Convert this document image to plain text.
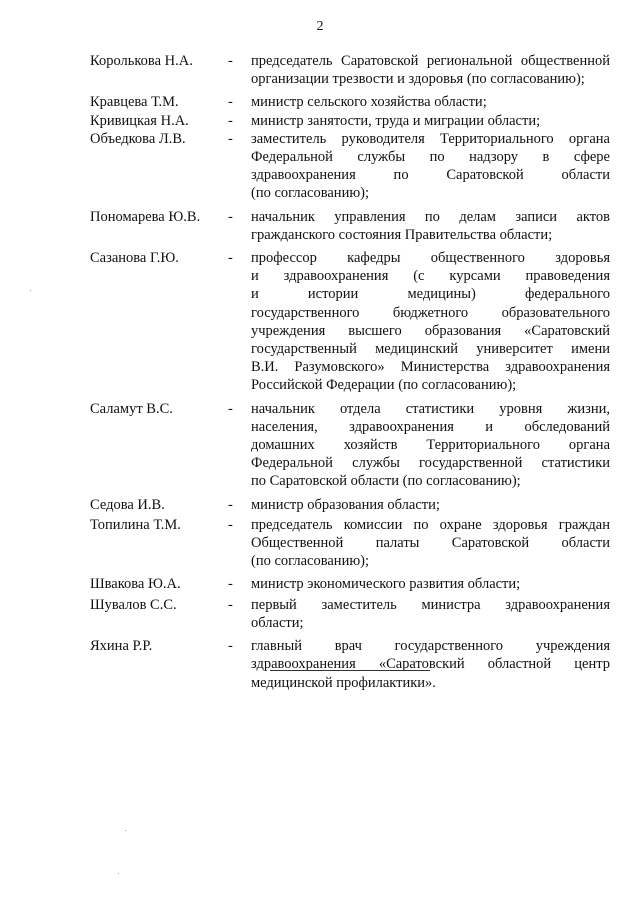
2
Королькова Н.А.	-	председатель Саратовской региональной общественной
организации трезвости и здоровья (по согласованию);
Кравцева Т.М.	-	министр сельского хозяйства области;
Кривицкая Н.А.	-	министр занятости, труда и миграции области;
Объедкова Л.В.	-	заместитель руководителя Территориального органа
Федеральной службы по надзору в сфере
здравоохранения по Саратовской области
(по согласованию);
Пономарева Ю.В.	-	начальник управления по делам записи актов
гражданского состояния Правительства области;
Сазанова Г.Ю.	-	профессор кафедры общественного здоровья
и здравоохранения (с курсами правоведения
и истории медицины) федерального
государственного бюджетного образовательного
учреждения высшего образования «Саратовский
государственный медицинский университет имени
В.И. Разумовского» Министерства здравоохранения
Российской Федерации (по согласованию);
Саламут В.С.	-	начальник отдела статистики уровня жизни,
населения, здравоохранения и обследований
домашних хозяйств Территориального органа
Федеральной службы государственной статистики
по Саратовской области (по согласованию);
Седова И.В.	-	министр образования области;
Топилина Т.М.	-	председатель комиссии по охране здоровья граждан
Общественной палаты Саратовской области
(по согласованию);
Швакова Ю.А.	-	министр экономического развития области;
Шувалов С.С.	-	первый заместитель министра здравоохранения
области;
Яхина Р.Р.	-	главный врач государственного учреждения
здравоохранения «Саратовский областной центр
медицинской профилактики».
